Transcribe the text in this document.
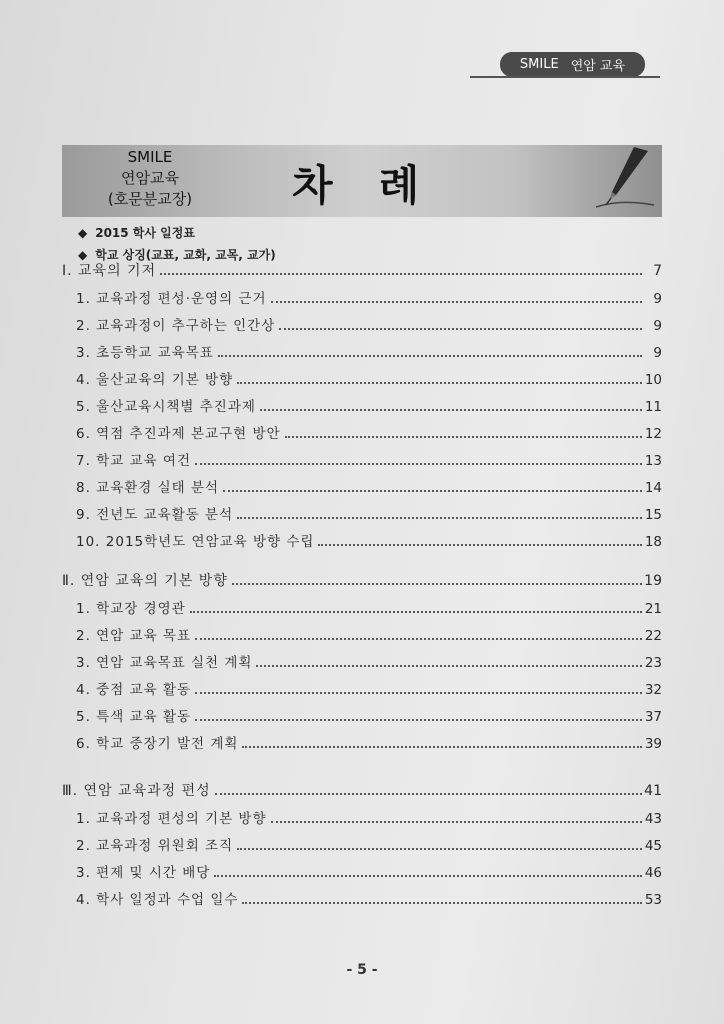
SMILE 연암 교육
SMILE
연암교육
(호문분교장)	차례
◆ 2015 학사 일정표
◆ 학교 상징(교표, 교화, 교목, 교가)
Ⅰ. 교육의 기저	7
1. 교육과정 편성·운영의 근거	9
2. 교육과정이 추구하는 인간상	9
3. 초등학교 교육목표	9
4. 울산교육의 기본 방향	10
5. 울산교육시책별 추진과제	11
6. 역점 추진과제 본교구현 방안	12
7. 학교 교육 여건	13
8. 교육환경 실태 분석	14
9. 전년도 교육활동 분석	15
10. 2015학년도 연암교육 방향 수립	18
Ⅱ. 연암 교육의 기본 방향	19
1. 학교장 경영관	21
2. 연암 교육 목표	22
3. 연암 교육목표 실천 계획	23
4. 중점 교육 활동	32
5. 특색 교육 활동	37
6. 학교 중장기 발전 계획	39
Ⅲ. 연암 교육과정 편성	41
1. 교육과정 편성의 기본 방향	43
2. 교육과정 위원회 조직	45
3. 편제 및 시간 배당	46
4. 학사 일정과 수업 일수	53
- 5 -
